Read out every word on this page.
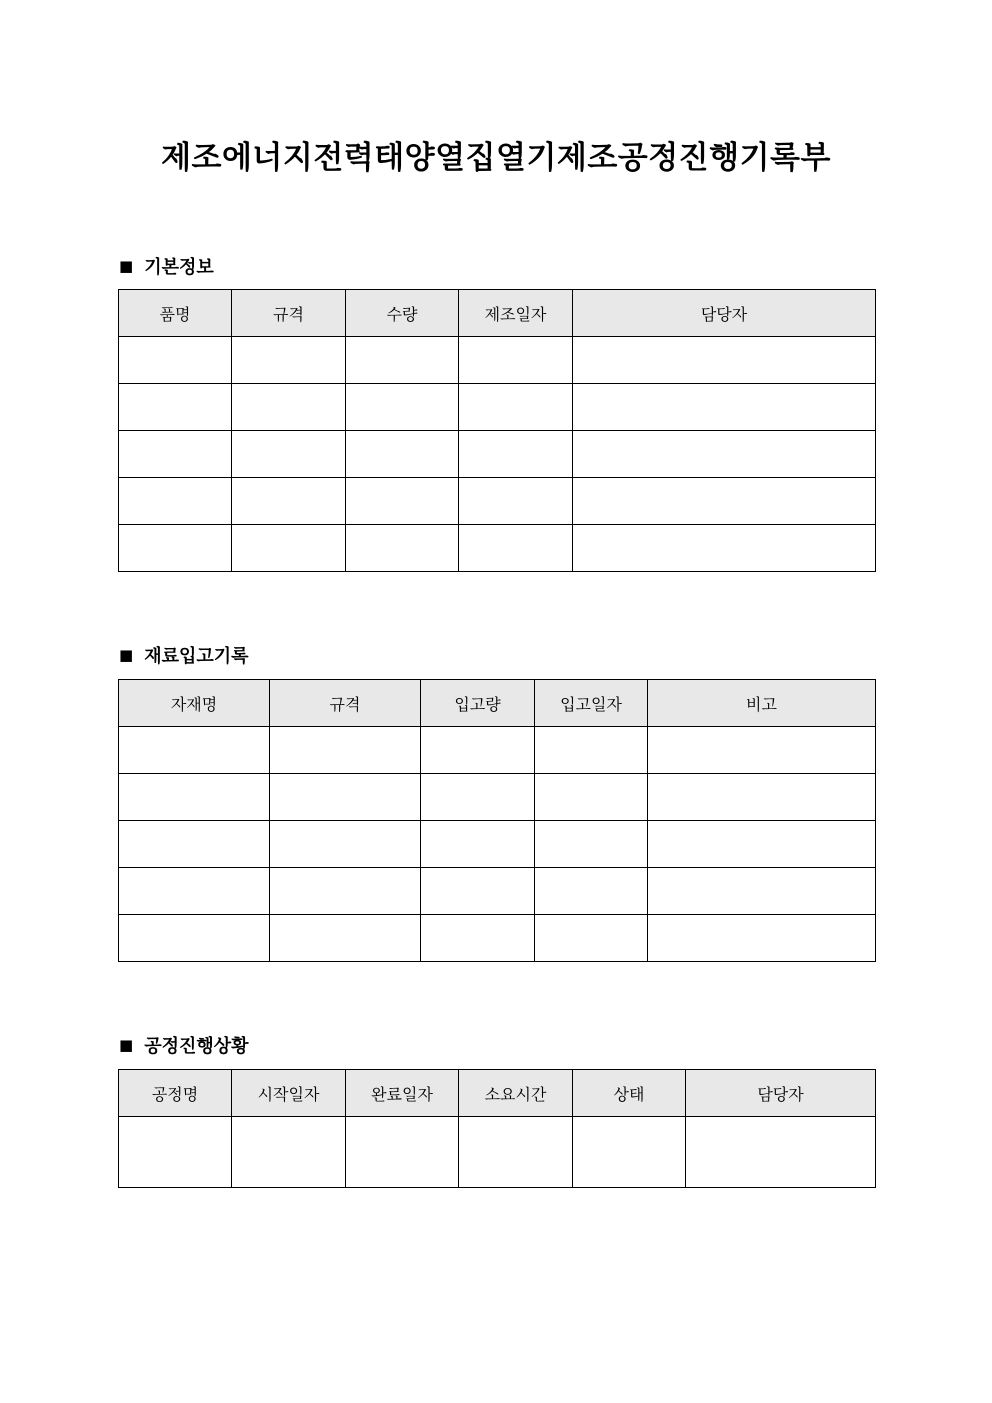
제조에너지전력태양열집열기제조공정진행기록부
■ 기본정보
품명	규격	수량	제조일자	담당자

■ 재료입고기록
자재명	규격	입고량	입고일자	비고

■ 공정진행상황
공정명	시작일자	완료일자	소요시간	상태	담당자
